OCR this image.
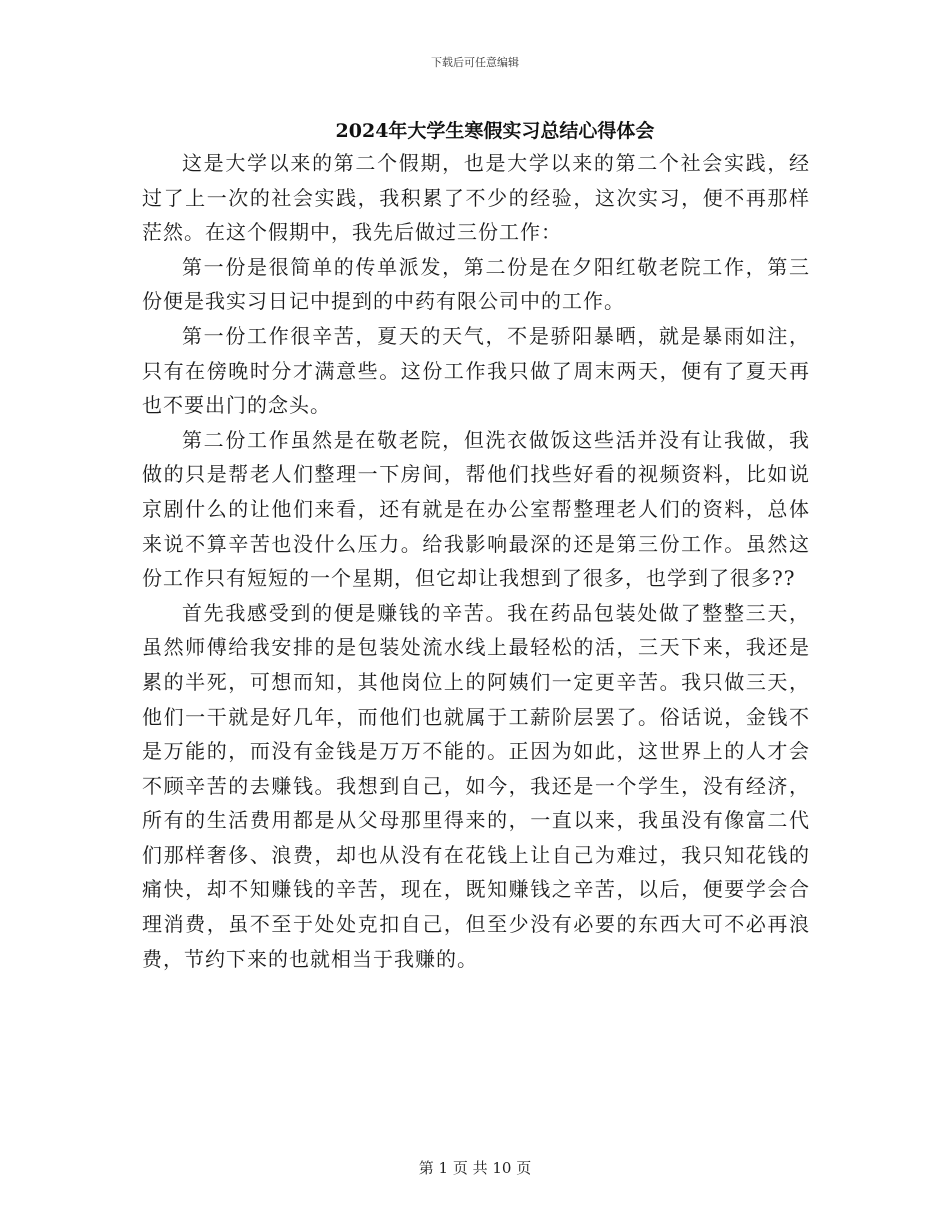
下载后可任意编辑
2024年大学生寒假实习总结心得体会

这是大学以来的第二个假期，也是大学以来的第二个社会实践，经过了上一次的社会实践，我积累了不少的经验，这次实习，便不再那样茫然。在这个假期中，我先后做过三份工作：

第一份是很简单的传单派发，第二份是在夕阳红敬老院工作，第三份便是我实习日记中提到的中药有限公司中的工作。

第一份工作很辛苦，夏天的天气，不是骄阳暴晒，就是暴雨如注，只有在傍晚时分才满意些。这份工作我只做了周末两天，便有了夏天再也不要出门的念头。

第二份工作虽然是在敬老院，但洗衣做饭这些活并没有让我做，我做的只是帮老人们整理一下房间，帮他们找些好看的视频资料，比如说京剧什么的让他们来看，还有就是在办公室帮整理老人们的资料，总体来说不算辛苦也没什么压力。给我影响最深的还是第三份工作。虽然这份工作只有短短的一个星期，但它却让我想到了很多，也学到了很多??

首先我感受到的便是赚钱的辛苦。我在药品包装处做了整整三天，虽然师傅给我安排的是包装处流水线上最轻松的活，三天下来，我还是累的半死，可想而知，其他岗位上的阿姨们一定更辛苦。我只做三天，他们一干就是好几年，而他们也就属于工薪阶层罢了。俗话说，金钱不是万能的，而没有金钱是万万不能的。正因为如此，这世界上的人才会不顾辛苦的去赚钱。我想到自己，如今，我还是一个学生，没有经济，所有的生活费用都是从父母那里得来的，一直以来，我虽没有像富二代们那样奢侈、浪费，却也从没有在花钱上让自己为难过，我只知花钱的痛快，却不知赚钱的辛苦，现在，既知赚钱之辛苦，以后，便要学会合理消费，虽不至于处处克扣自己，但至少没有必要的东西大可不必再浪费，节约下来的也就相当于我赚的。

第 1 页 共 10 页
